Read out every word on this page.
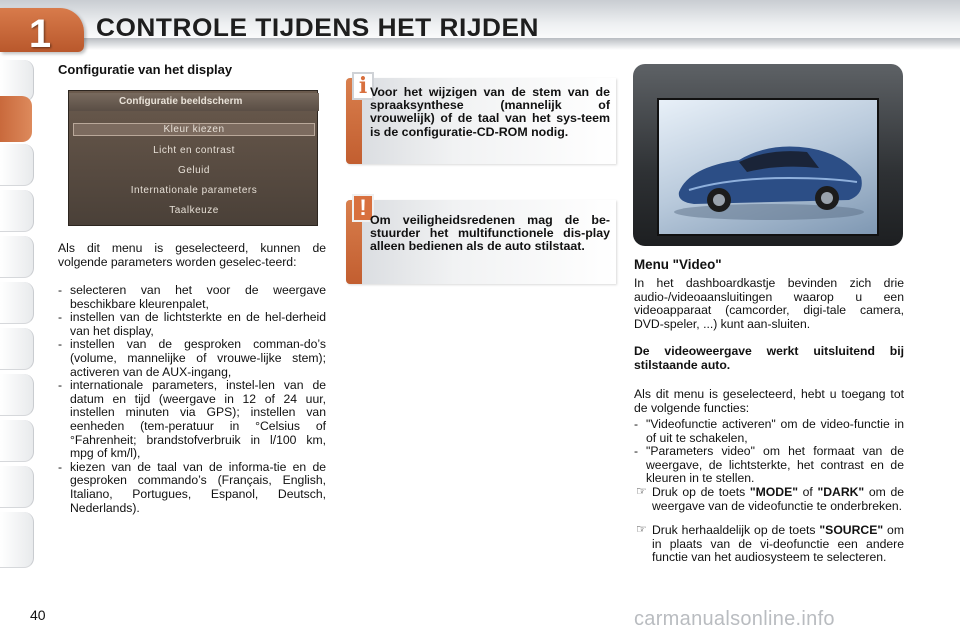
1	CONTROLE TIJDENS HET RIJDEN
Configuratie van het display
Configuratie beeldscherm
Kleur kiezen
Licht en contrast
Geluid
Internationale parameters
Taalkeuze
Als dit menu is geselecteerd, kunnen de volgende parameters worden geselec-teerd:
- selecteren van het voor de weergave beschikbare kleurenpalet,
- instellen van de lichtsterkte en de hel-derheid van het display,
- instellen van de gesproken comman-do’s (volume, mannelijke of vrouwe-lijke stem); activeren van de AUX-ingang,
- internationale parameters, instel-len van de datum en tijd (weergave in 12 of 24 uur, instellen minuten via GPS); instellen van eenheden (tem-peratuur in °Celsius of °Fahrenheit; brandstofverbruik in l/100 km, mpg of km/l),
- kiezen van de taal van de informa-tie en de gesproken commando’s (Français, English, Italiano, Portugues, Espanol, Deutsch, Nederlands).
i Voor het wijzigen van de stem van de spraaksynthese (mannelijk of vrouwelijk) of de taal van het sys-teem is de configuratie-CD-ROM nodig.
! Om veiligheidsredenen mag de be-stuurder het multifunctionele dis-play alleen bedienen als de auto stilstaat.
Menu "Video"
In het dashboardkastje bevinden zich drie audio-/videoaansluitingen waarop u een videoapparaat (camcorder, digi-tale camera, DVD-speler, ...) kunt aan-sluiten.
De videoweergave werkt uitsluitend bij stilstaande auto.
Als dit menu is geselecteerd, hebt u toegang tot de volgende functies:
- "Videofunctie activeren" om de video-functie in of uit te schakelen,
- "Parameters video" om het formaat van de weergave, de lichtsterkte, het contrast en de kleuren in te stellen.
☞ Druk op de toets "MODE" of "DARK" om de weergave van de videofunctie te onderbreken.
☞ Druk herhaaldelijk op de toets "SOURCE" om in plaats van de vi-deofunctie een andere functie van het audiosysteem te selecteren.
40	carmanualsonline.info
